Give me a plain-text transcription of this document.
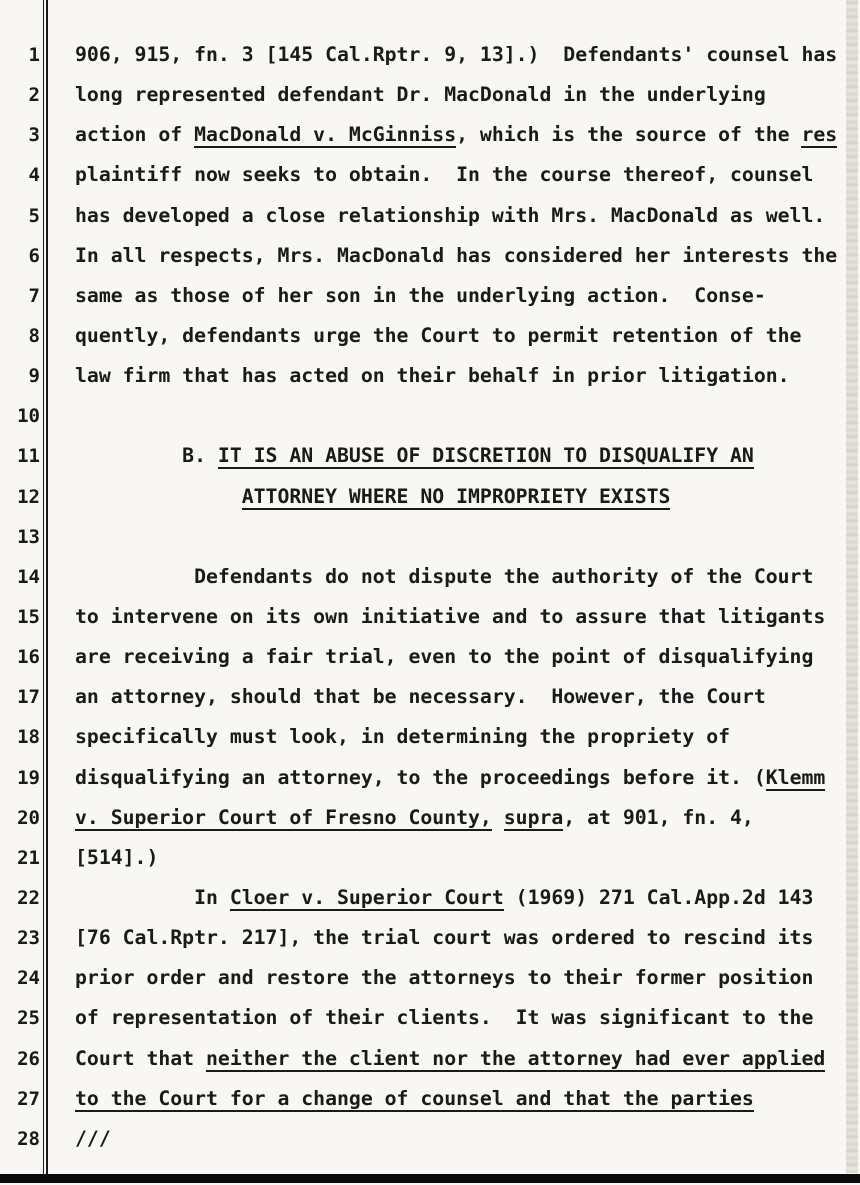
1 906, 915, fn. 3 [145 Cal.Rptr. 9, 13].)  Defendants' counsel has
2 long represented defendant Dr. MacDonald in the underlying
3 action of MacDonald v. McGinniss, which is the source of the res
4 plaintiff now seeks to obtain.  In the course thereof, counsel
5 has developed a close relationship with Mrs. MacDonald as well.
6 In all respects, Mrs. MacDonald has considered her interests the
7 same as those of her son in the underlying action.  Conse-
8 quently, defendants urge the Court to permit retention of the
9 law firm that has acted on their behalf in prior litigation.
10
11 B. IT IS AN ABUSE OF DISCRETION TO DISQUALIFY AN
12	ATTORNEY WHERE NO IMPROPRIETY EXISTS
13
14 Defendants do not dispute the authority of the Court
15 to intervene on its own initiative and to assure that litigants
16 are receiving a fair trial, even to the point of disqualifying
17 an attorney, should that be necessary.  However, the Court
18 specifically must look, in determining the propriety of
19 disqualifying an attorney, to the proceedings before it. (Klemm
20 v. Superior Court of Fresno County, supra, at 901, fn. 4,
21 [514].)
22 In Cloer v. Superior Court (1969) 271 Cal.App.2d 143
23 [76 Cal.Rptr. 217], the trial court was ordered to rescind its
24 prior order and restore the attorneys to their former position
25 of representation of their clients.  It was significant to the
26 Court that neither the client nor the attorney had ever applied
27 to the Court for a change of counsel and that the parties
28 ///
